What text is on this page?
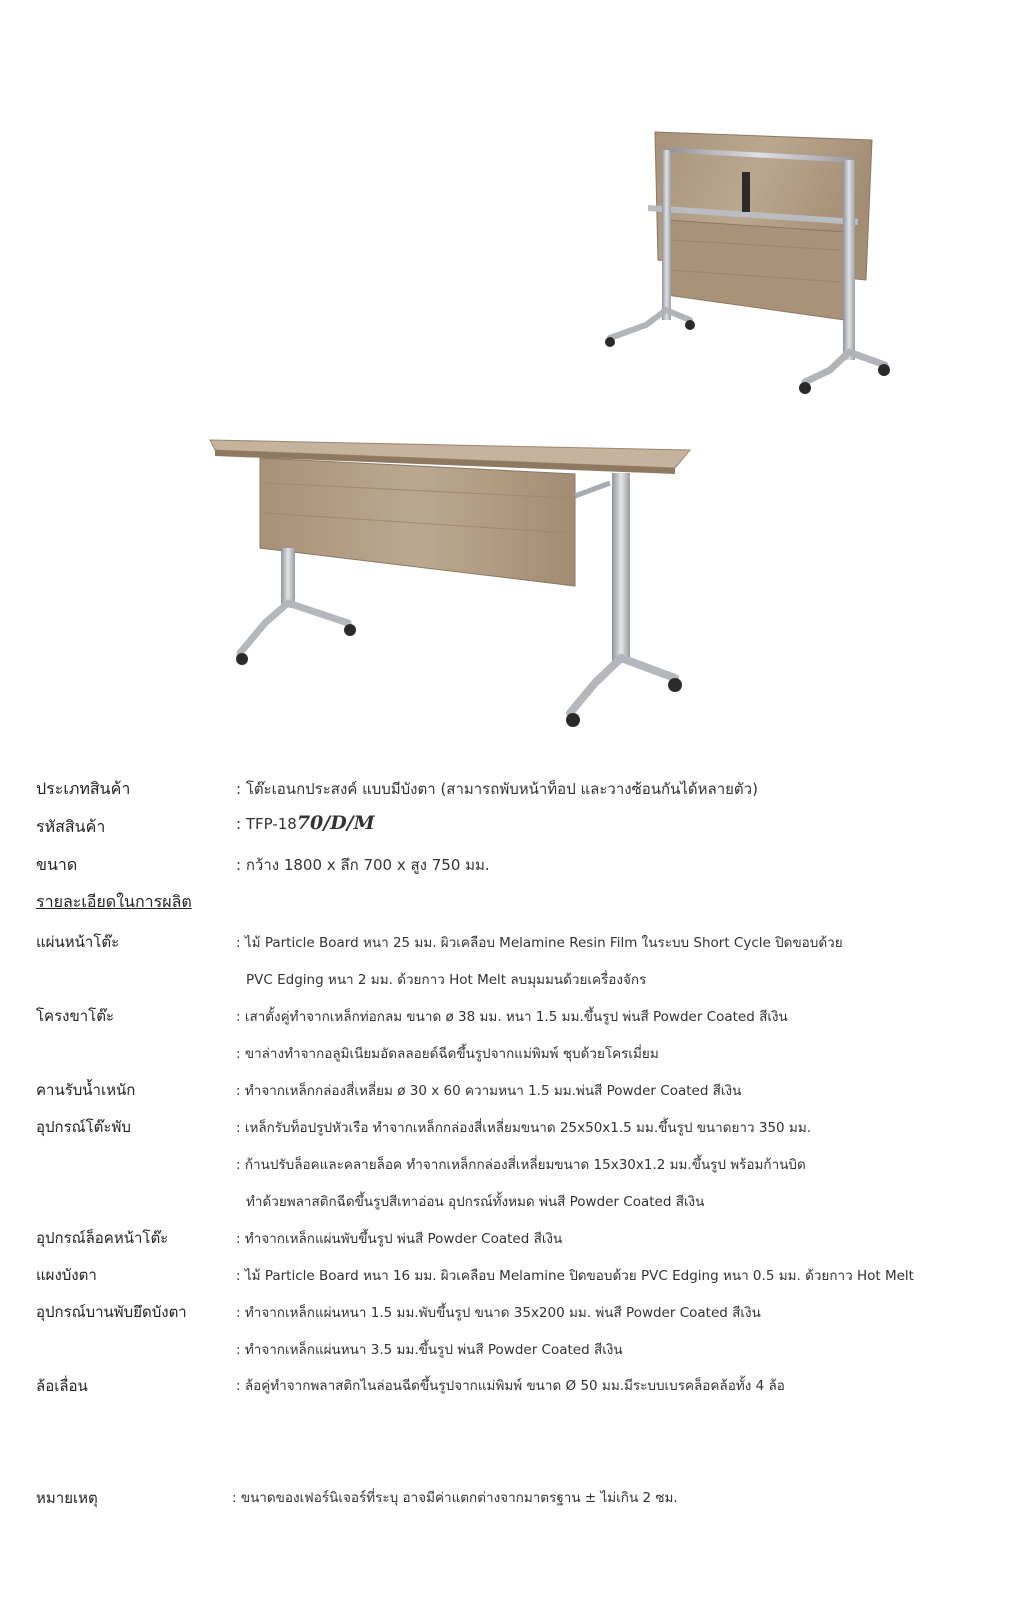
ประเภทสินค้า	: โต๊ะเอนกประสงค์ แบบมีบังตา (สามารถพับหน้าท็อป และวางซ้อนกันได้หลายตัว)
รหัสสินค้า	: TFP-1870/D/M
ขนาด	: กว้าง 1800 x ลึก 700 x สูง 750 มม.
รายละเอียดในการผลิต
แผ่นหน้าโต๊ะ	: ไม้ Particle Board หนา 25 มม. ผิวเคลือบ Melamine Resin Film ในระบบ Short Cycle ปิดขอบด้วย
PVC Edging หนา 2 มม. ด้วยกาว Hot Melt ลบมุมมนด้วยเครื่องจักร
โครงขาโต๊ะ	: เสาตั้งคู่ทำจากเหล็กท่อกลม ขนาด ø 38 มม. หนา 1.5 มม.ขึ้นรูป พ่นสี Powder Coated สีเงิน
: ขาล่างทำจากอลูมิเนียมอัดลลอยด์ฉีดขึ้นรูปจากแม่พิมพ์ ชุบด้วยโครเมี่ยม
คานรับน้ำเหนัก	: ทำจากเหล็กกล่องสี่เหลี่ยม ø 30 x 60 ความหนา 1.5 มม.พ่นสี Powder Coated สีเงิน
อุปกรณ์โต๊ะพับ	: เหล็กรับท็อปรูปหัวเรือ ทำจากเหล็กกล่องสี่เหลี่ยมขนาด 25x50x1.5 มม.ขึ้นรูป ขนาดยาว 350 มม.
: ก้านปรับล็อคและคลายล็อค ทำจากเหล็กกล่องสี่เหลี่ยมขนาด 15x30x1.2 มม.ขึ้นรูป พร้อมก้านบิด
ทำด้วยพลาสติกฉีดขึ้นรูปสีเทาอ่อน อุปกรณ์ทั้งหมด พ่นสี Powder Coated สีเงิน
อุปกรณ์ล็อคหน้าโต๊ะ	: ทำจากเหล็กแผ่นพับขึ้นรูป พ่นสี Powder Coated สีเงิน
แผงบังตา	: ไม้ Particle Board หนา 16 มม. ผิวเคลือบ Melamine ปิดขอบด้วย PVC Edging หนา 0.5 มม. ด้วยกาว Hot Melt
อุปกรณ์บานพับยึดบังตา	: ทำจากเหล็กแผ่นหนา 1.5 มม.พับขึ้นรูป ขนาด 35x200 มม. พ่นสี Powder Coated สีเงิน
: ทำจากเหล็กแผ่นหนา 3.5 มม.ขึ้นรูป พ่นสี Powder Coated สีเงิน
ล้อเลื่อน	: ล้อคู่ทำจากพลาสติกไนล่อนฉีดขึ้นรูปจากแม่พิมพ์ ขนาด Ø 50 มม.มีระบบเบรคล็อคล้อทั้ง 4 ล้อ
หมายเหตุ	: ขนาดของเฟอร์นิเจอร์ที่ระบุ อาจมีค่าแตกต่างจากมาตรฐาน ± ไม่เกิน 2 ซม.
